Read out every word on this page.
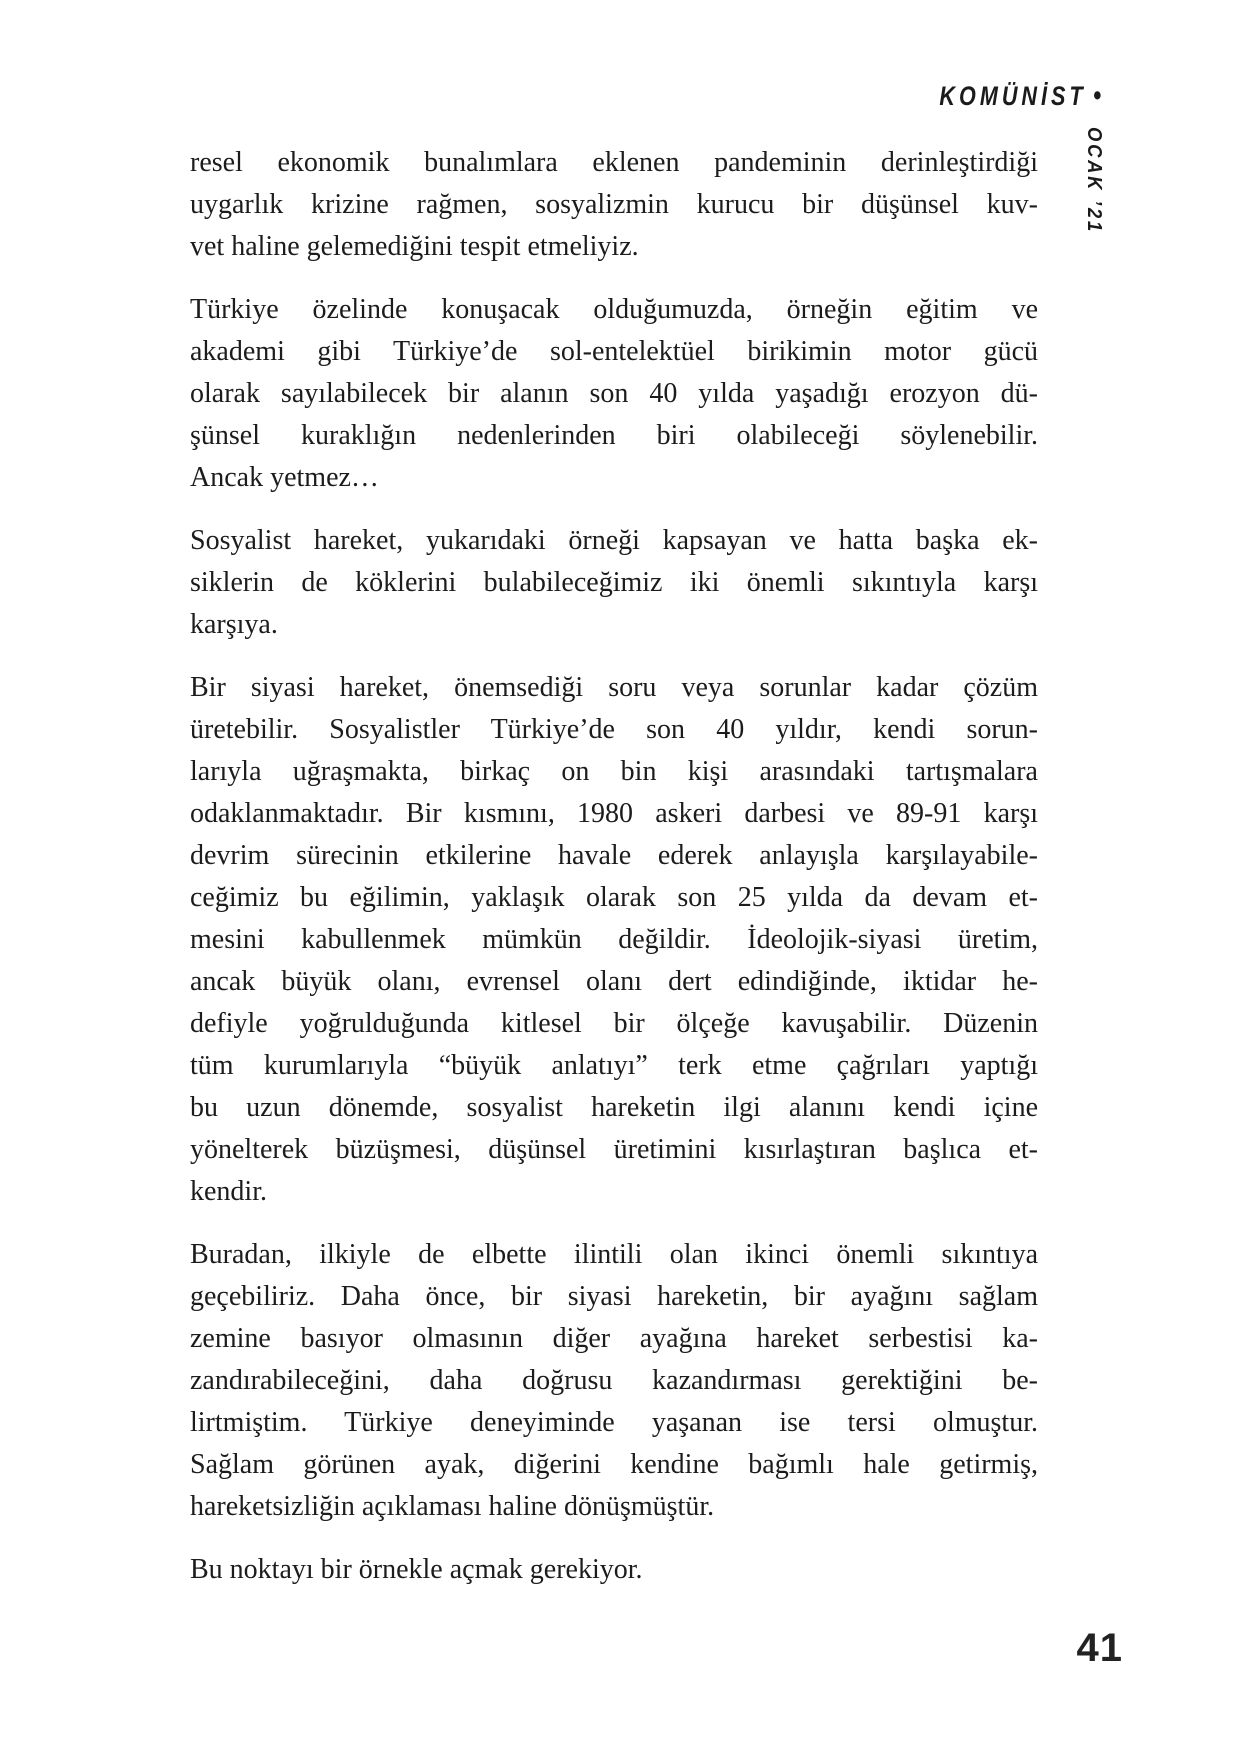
KOMÜNİST •
OCAK ’21
resel ekonomik bunalımlara eklenen pandeminin derinleştirdiği
uygarlık krizine rağmen, sosyalizmin kurucu bir düşünsel kuv-
vet haline gelemediğini tespit etmeliyiz.
Türkiye özelinde konuşacak olduğumuzda, örneğin eğitim ve
akademi gibi Türkiye’de sol-entelektüel birikimin motor gücü
olarak sayılabilecek bir alanın son 40 yılda yaşadığı erozyon dü-
şünsel kuraklığın nedenlerinden biri olabileceği söylenebilir.
Ancak yetmez…
Sosyalist hareket, yukarıdaki örneği kapsayan ve hatta başka ek-
siklerin de köklerini bulabileceğimiz iki önemli sıkıntıyla karşı
karşıya.
Bir siyasi hareket, önemsediği soru veya sorunlar kadar çözüm
üretebilir. Sosyalistler Türkiye’de son 40 yıldır, kendi sorun-
larıyla uğraşmakta, birkaç on bin kişi arasındaki tartışmalara
odaklanmaktadır. Bir kısmını, 1980 askeri darbesi ve 89-91 karşı
devrim sürecinin etkilerine havale ederek anlayışla karşılayabile-
ceğimiz bu eğilimin, yaklaşık olarak son 25 yılda da devam et-
mesini kabullenmek mümkün değildir. İdeolojik-siyasi üretim,
ancak büyük olanı, evrensel olanı dert edindiğinde, iktidar he-
defiyle yoğrulduğunda kitlesel bir ölçeğe kavuşabilir. Düzenin
tüm kurumlarıyla “büyük anlatıyı” terk etme çağrıları yaptığı
bu uzun dönemde, sosyalist hareketin ilgi alanını kendi içine
yönelterek büzüşmesi, düşünsel üretimini kısırlaştıran başlıca et-
kendir.
Buradan, ilkiyle de elbette ilintili olan ikinci önemli sıkıntıya
geçebiliriz. Daha önce, bir siyasi hareketin, bir ayağını sağlam
zemine basıyor olmasının diğer ayağına hareket serbestisi ka-
zandırabileceğini, daha doğrusu kazandırması gerektiğini be-
lirtmiştim. Türkiye deneyiminde yaşanan ise tersi olmuştur.
Sağlam görünen ayak, diğerini kendine bağımlı hale getirmiş,
hareketsizliğin açıklaması haline dönüşmüştür.
Bu noktayı bir örnekle açmak gerekiyor.
41
